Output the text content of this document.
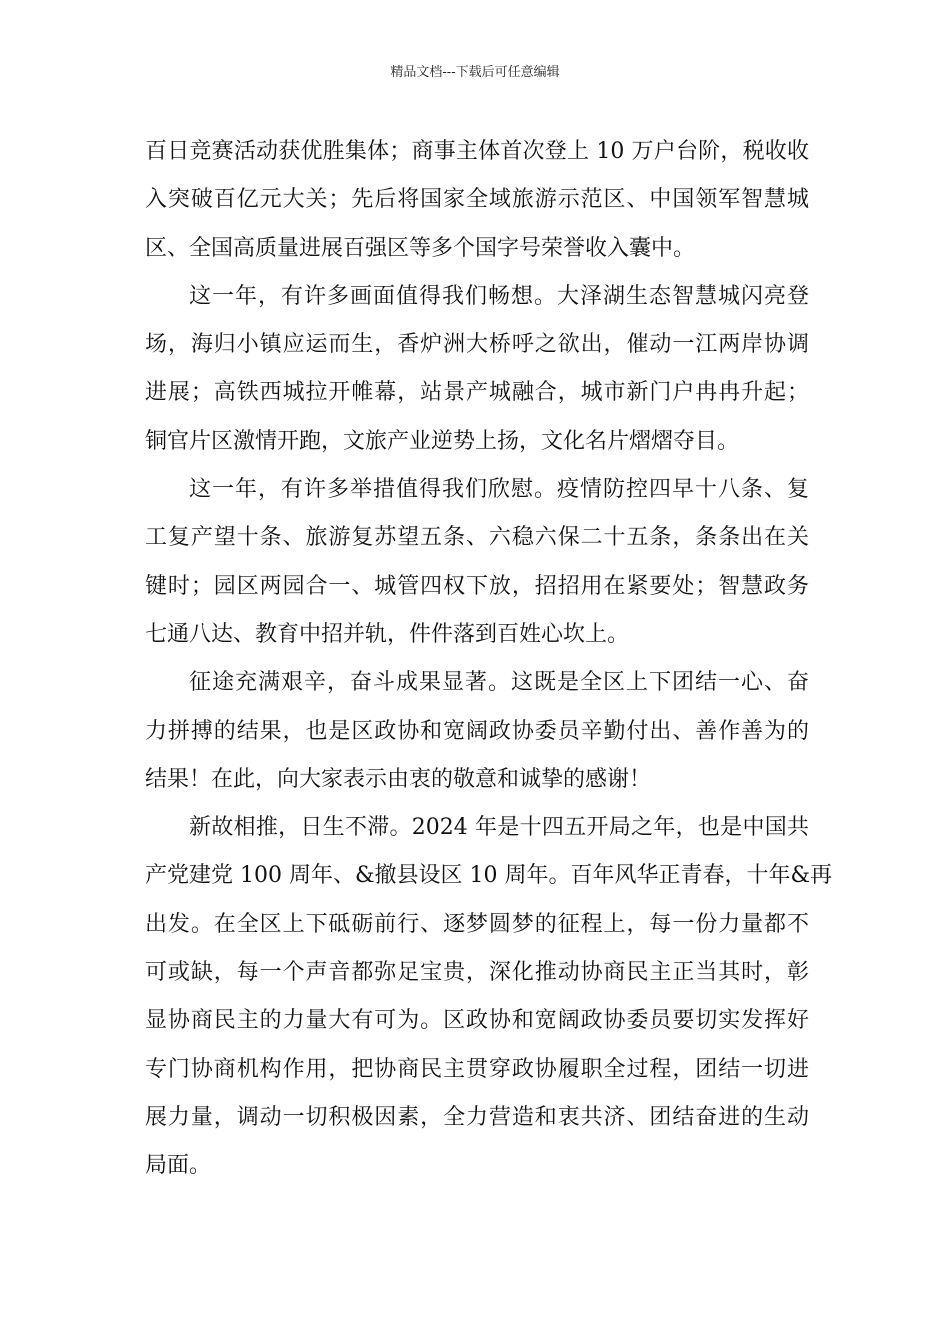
精品文档---下载后可任意编辑
百日竞赛活动获优胜集体；商事主体首次登上 10 万户台阶，税收收
入突破百亿元大关；先后将国家全域旅游示范区、中国领军智慧城
区、全国高质量进展百强区等多个国字号荣誉收入囊中。
这一年，有许多画面值得我们畅想。大泽湖生态智慧城闪亮登
场，海归小镇应运而生，香炉洲大桥呼之欲出，催动一江两岸协调
进展；高铁西城拉开帷幕，站景产城融合，城市新门户冉冉升起；
铜官片区激情开跑，文旅产业逆势上扬，文化名片熠熠夺目。
这一年，有许多举措值得我们欣慰。疫情防控四早十八条、复
工复产望十条、旅游复苏望五条、六稳六保二十五条，条条出在关
键时；园区两园合一、城管四权下放，招招用在紧要处；智慧政务
七通八达、教育中招并轨，件件落到百姓心坎上。
征途充满艰辛，奋斗成果显著。这既是全区上下团结一心、奋
力拼搏的结果，也是区政协和宽阔政协委员辛勤付出、善作善为的
结果！在此，向大家表示由衷的敬意和诚挚的感谢！
新故相推，日生不滞。2024 年是十四五开局之年，也是中国共
产党建党 100 周年、&撤县设区 10 周年。百年风华正青春，十年&再
出发。在全区上下砥砺前行、逐梦圆梦的征程上，每一份力量都不
可或缺，每一个声音都弥足宝贵，深化推动协商民主正当其时，彰
显协商民主的力量大有可为。区政协和宽阔政协委员要切实发挥好
专门协商机构作用，把协商民主贯穿政协履职全过程，团结一切进
展力量，调动一切积极因素，全力营造和衷共济、团结奋进的生动
局面。
